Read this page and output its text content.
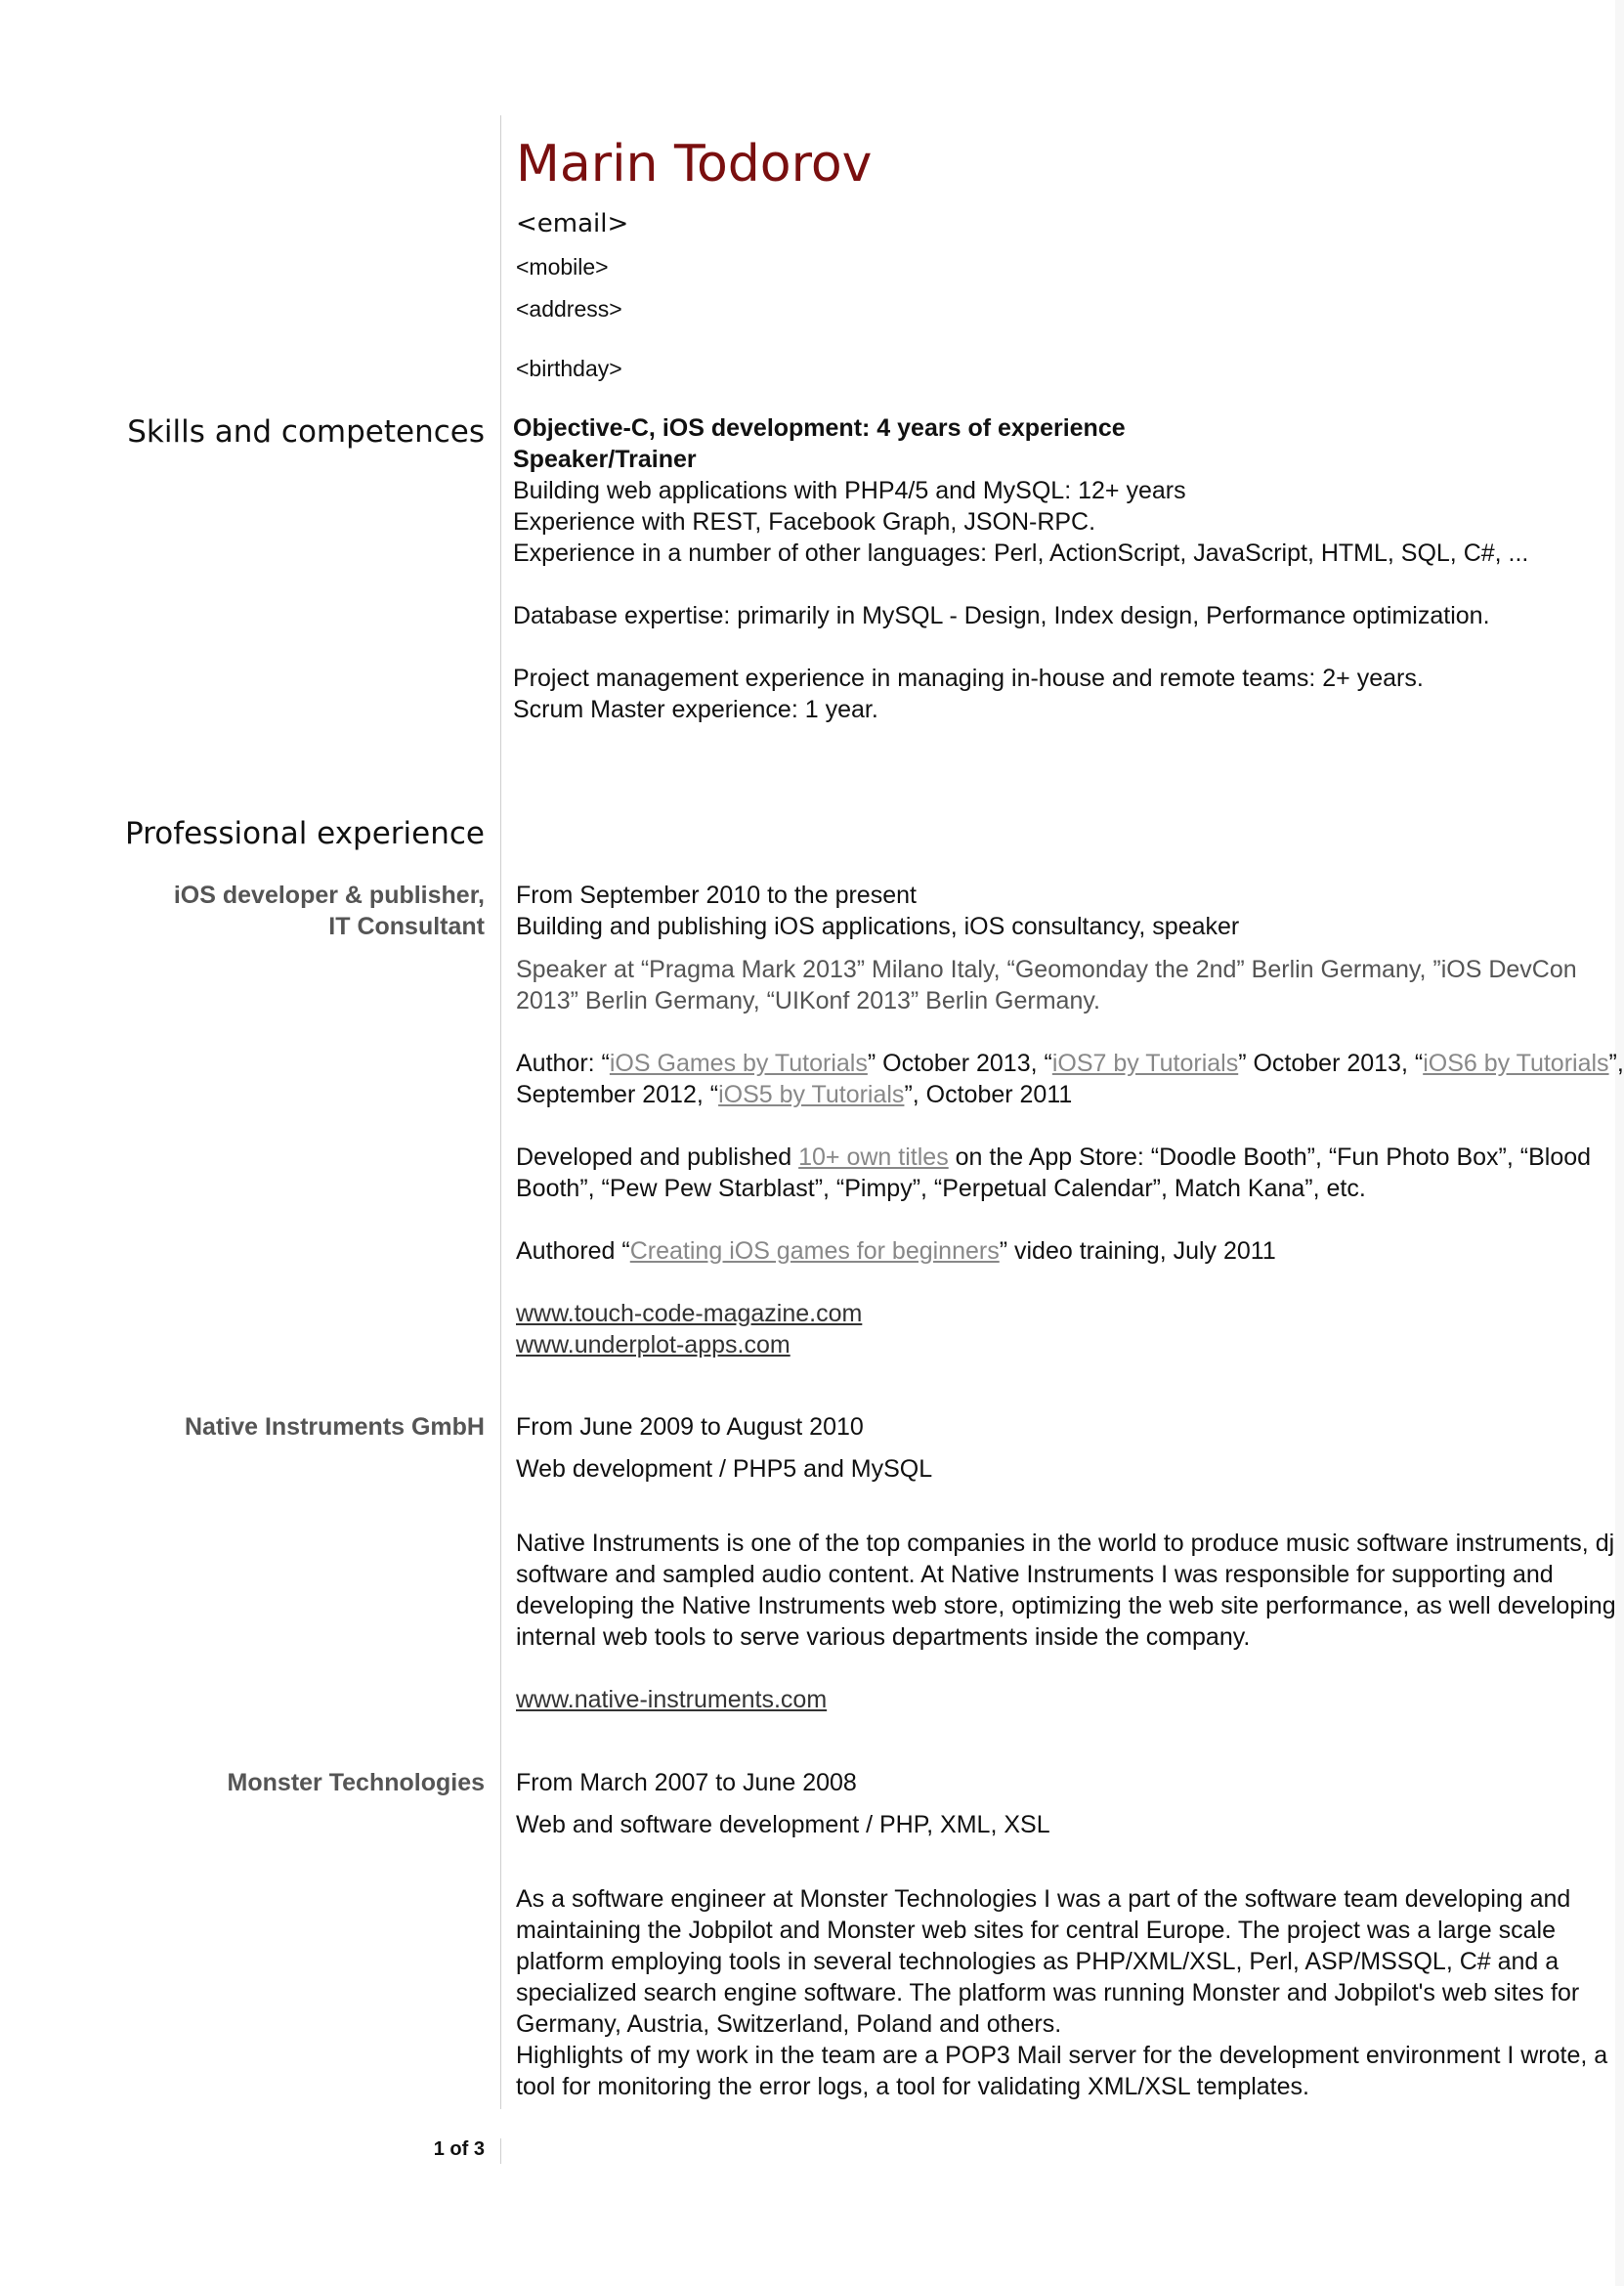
Marin Todorov
<email>
<mobile>
<address>
<birthday>
Skills and competences Objective-C, iOS development: 4 years of experience
Speaker/Trainer
Building web applications with PHP4/5 and MySQL: 12+ years
Experience with REST, Facebook Graph, JSON-RPC.
Experience in a number of other languages: Perl, ActionScript, JavaScript, HTML, SQL, C#, ...
Database expertise: primarily in MySQL - Design, Index design, Performance optimization.
Project management experience in managing in-house and remote teams: 2+ years.
Scrum Master experience: 1 year.
Professional experience
iOS developer & publisher,
IT Consultant
From September 2010 to the present
Building and publishing iOS applications, iOS consultancy, speaker
Speaker at “Pragma Mark 2013” Milano Italy, “Geomonday the 2nd” Berlin Germany, ”iOS DevCon
2013” Berlin Germany, “UIKonf 2013” Berlin Germany.
Author: “iOS Games by Tutorials” October 2013, “iOS7 by Tutorials” October 2013, “iOS6 by Tutorials”,
September 2012, “iOS5 by Tutorials”, October 2011
Developed and published 10+ own titles on the App Store: “Doodle Booth”, “Fun Photo Box”, “Blood
Booth”, “Pew Pew Starblast”, “Pimpy”, “Perpetual Calendar”, Match Kana”, etc.
Authored “Creating iOS games for beginners” video training, July 2011
www.touch-code-magazine.com
www.underplot-apps.com
Native Instruments GmbH From June 2009 to August 2010
Web development / PHP5 and MySQL
Native Instruments is one of the top companies in the world to produce music software instruments, dj
software and sampled audio content. At Native Instruments I was responsible for supporting and
developing the Native Instruments web store, optimizing the web site performance, as well developing
internal web tools to serve various departments inside the company.
www.native-instruments.com
Monster Technologies From March 2007 to June 2008
Web and software development / PHP, XML, XSL
As a software engineer at Monster Technologies I was a part of the software team developing and
maintaining the Jobpilot and Monster web sites for central Europe. The project was a large scale
platform employing tools in several technologies as PHP/XML/XSL, Perl, ASP/MSSQL, C# and a
specialized search engine software. The platform was running Monster and Jobpilot's web sites for
Germany, Austria, Switzerland, Poland and others.
Highlights of my work in the team are a POP3 Mail server for the development environment I wrote, a
tool for monitoring the error logs, a tool for validating XML/XSL templates.
1 of 3
